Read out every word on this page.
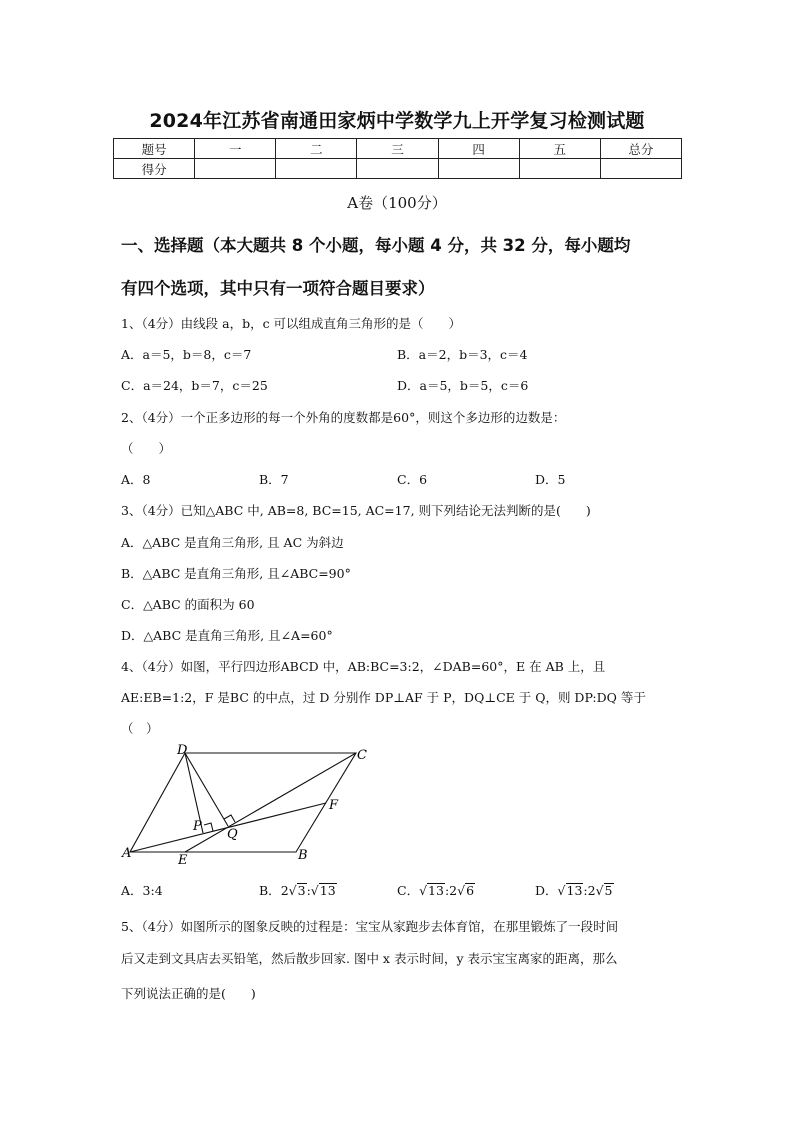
2024年江苏省南通田家炳中学数学九上开学复习检测试题
题号	一	二	三	四	五	总分
得分						
A卷（100分）
一、选择题（本大题共 8 个小题，每小题 4 分，共 32 分，每小题均
有四个选项，其中只有一项符合题目要求）
1、（4分）由线段 a，b，c 可以组成直角三角形的是（　　）
A．a＝5，b＝8，c＝7	B．a＝2，b＝3，c＝4
C．a＝24，b＝7，c＝25	D．a＝5，b＝5，c＝6
2、（4分）一个正多边形的每一个外角的度数都是60°，则这个多边形的边数是：
（　　）
A．8	B．7	C．6	D．5
3、（4分）已知△ABC 中, AB=8, BC=15, AC=17, 则下列结论无法判断的是(　　)
A．△ABC 是直角三角形, 且 AC 为斜边
B．△ABC 是直角三角形, 且∠ABC=90°
C．△ABC 的面积为 60
D．△ABC 是直角三角形, 且∠A=60°
4、（4分）如图，平行四边形ABCD 中，AB:BC=3:2，∠DAB=60°，E 在 AB 上，且
AE:EB=1:2，F 是BC 的中点，过 D 分别作 DP⊥AF 于 P，DQ⊥CE 于 Q，则 DP:DQ 等于
（　）
A	B
C
D
E
F
P
Q
A．3:4	B．2√3:√13	C．√13:2√6	D．√13:2√5
5、（4分）如图所示的图象反映的过程是：宝宝从家跑步去体育馆，在那里锻炼了一段时间
后又走到文具店去买铅笔，然后散步回家. 图中 x 表示时间，y 表示宝宝离家的距离，那么
下列说法正确的是(　　)
